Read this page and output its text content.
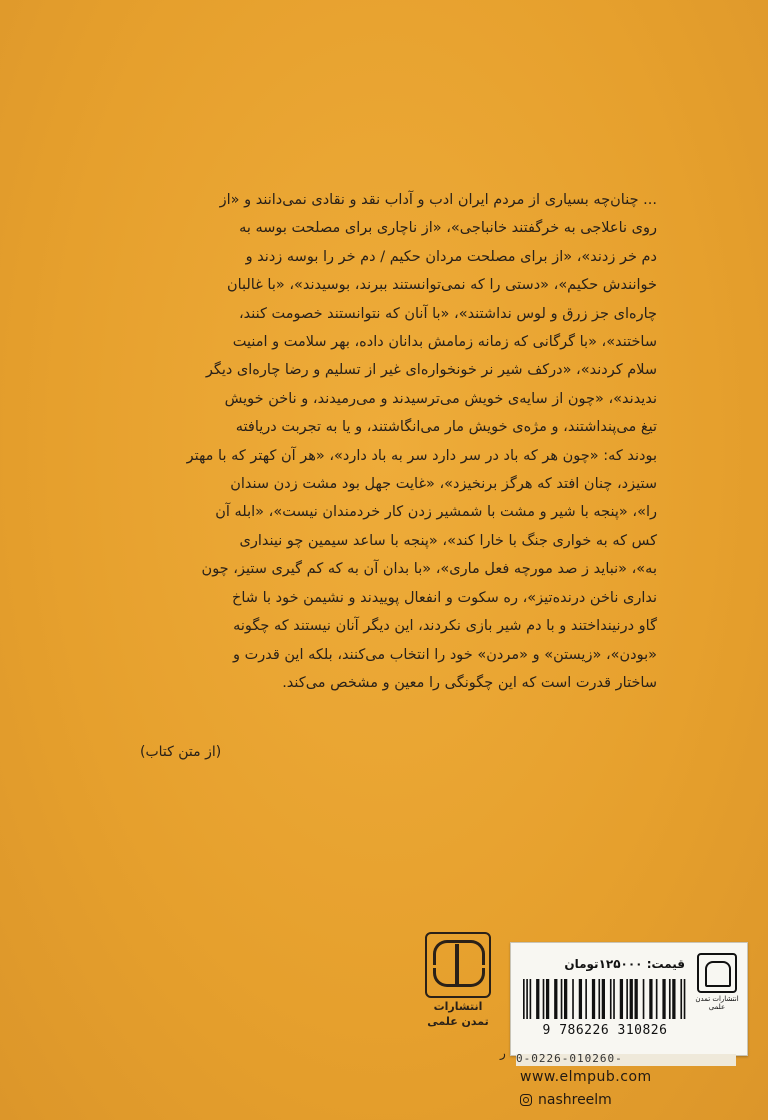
... چنان‌چه بسیاری از مردم ایران ادب و آداب نقد و نقادی نمی‌دانند و «از
روی ناعلاجی به خرگفتند خانباجی»، «از ناچاری برای مصلحت بوسه به
دم خر زدند»، «از برای مصلحت مردان حکیم / دم خر را بوسه زدند و
خوانندش حکیم»، «دستی را که نمی‌توانستند ببرند، بوسیدند»، «با غالبان
چاره‌ای جز زرق و لوس نداشتند»، «با آنان که نتوانستند خصومت کنند،
ساختند»، «با گرگانی که زمانه زمامش بدانان داده، بهر سلامت و امنیت
سلام کردند»، «درکف شیر نر خونخواره‌ای غیر از تسلیم و رضا چاره‌ای دیگر
ندیدند»، «چون از سایه‌ی خویش می‌ترسیدند و می‌رمیدند، و ناخن خویش
تیغ می‌پنداشتند، و مژه‌ی خویش مار می‌انگاشتند، و یا به تجربت دریافته
بودند که: «چون هر که باد در سر دارد سر به باد دارد»، «هر آن کهتر که با مهتر
ستیزد، چنان افتد که هرگز برنخیزد»، «غایت جهل بود مشت زدن سندان
را»، «پنجه با شیر و مشت با شمشیر زدن کار خردمندان نیست»، «ابله آن
کس که به خواری جنگ با خارا کند»، «پنجه با ساعد سیمین چو نینداری
به»، «نباید ز صد مورچه فعل ماری»، «با بدان آن به که کم گیری ستیز، چون
نداری ناخن درنده‌تیز»، ره سکوت و انفعال پوییدند و نشیمن خود با شاخ
گاو درنینداختند و با دم شیر بازی نکردند، این دیگر آنان نیستند که چگونه
«بودن»، «زیستن» و «مردن» خود را انتخاب می‌کنند، بلکه این قدرت و
ساختار قدرت است که این چگونگی را معین و مشخص می‌کند.
(از متن کتاب)
انتشارات
تمدن علمی
ر
قیمت: ۱۲۵۰۰۰تومان
انتشارات تمدن علمی
9 786226 310826
0-0226-010260-
www.elmpub.com
nashreelm
